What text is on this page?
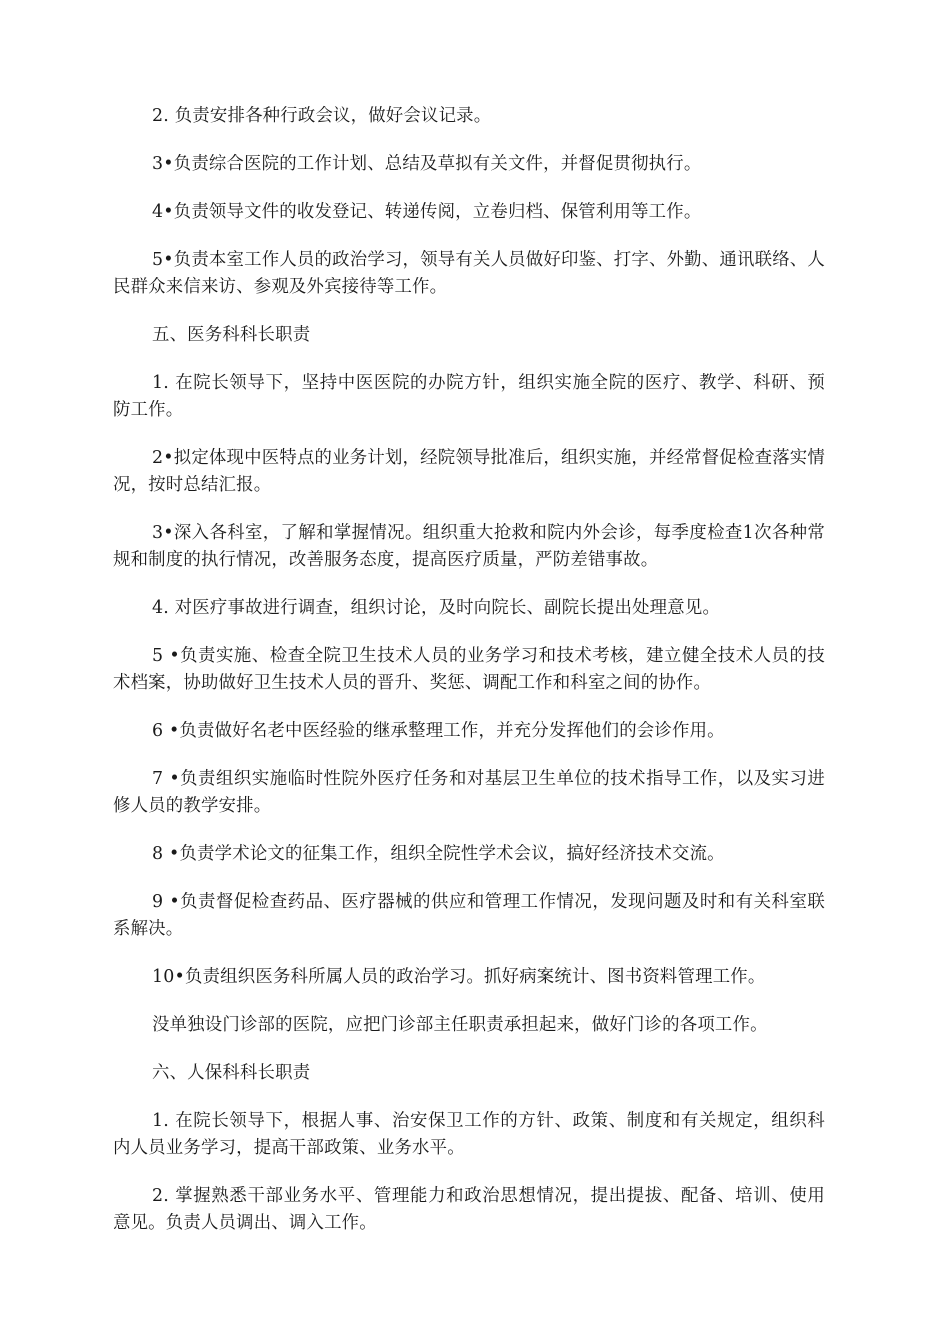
2. 负责安排各种行政会议，做好会议记录。

3•负责综合医院的工作计划、总结及草拟有关文件，并督促贯彻执行。

4•负责领导文件的收发登记、转递传阅，立卷归档、保管利用等工作。

5•负责本室工作人员的政治学习，领导有关人员做好印鉴、打字、外勤、通讯联络、人民群众来信来访、参观及外宾接待等工作。

五、医务科科长职责

1. 在院长领导下，坚持中医医院的办院方针，组织实施全院的医疗、教学、科研、预防工作。

2•拟定体现中医特点的业务计划，经院领导批准后，组织实施，并经常督促检查落实情况，按时总结汇报。

3•深入各科室，了解和掌握情况。组织重大抢救和院内外会诊，每季度检查1次各种常规和制度的执行情况，改善服务态度，提高医疗质量，严防差错事故。

4. 对医疗事故进行调查，组织讨论，及时向院长、副院长提出处理意见。

5 •负责实施、检查全院卫生技术人员的业务学习和技术考核，建立健全技术人员的技术档案，协助做好卫生技术人员的晋升、奖惩、调配工作和科室之间的协作。

6 •负责做好名老中医经验的继承整理工作，并充分发挥他们的会诊作用。

7 •负责组织实施临时性院外医疗任务和对基层卫生单位的技术指导工作，以及实习进修人员的教学安排。

8 •负责学术论文的征集工作，组织全院性学术会议，搞好经济技术交流。

9 •负责督促检查药品、医疗器械的供应和管理工作情况，发现问题及时和有关科室联系解决。

10•负责组织医务科所属人员的政治学习。抓好病案统计、图书资料管理工作。

没单独设门诊部的医院，应把门诊部主任职责承担起来，做好门诊的各项工作。

六、人保科科长职责

1. 在院长领导下，根据人事、治安保卫工作的方针、政策、制度和有关规定，组织科内人员业务学习，提高干部政策、业务水平。

2. 掌握熟悉干部业务水平、管理能力和政治思想情况，提出提拔、配备、培训、使用意见。负责人员调出、调入工作。
